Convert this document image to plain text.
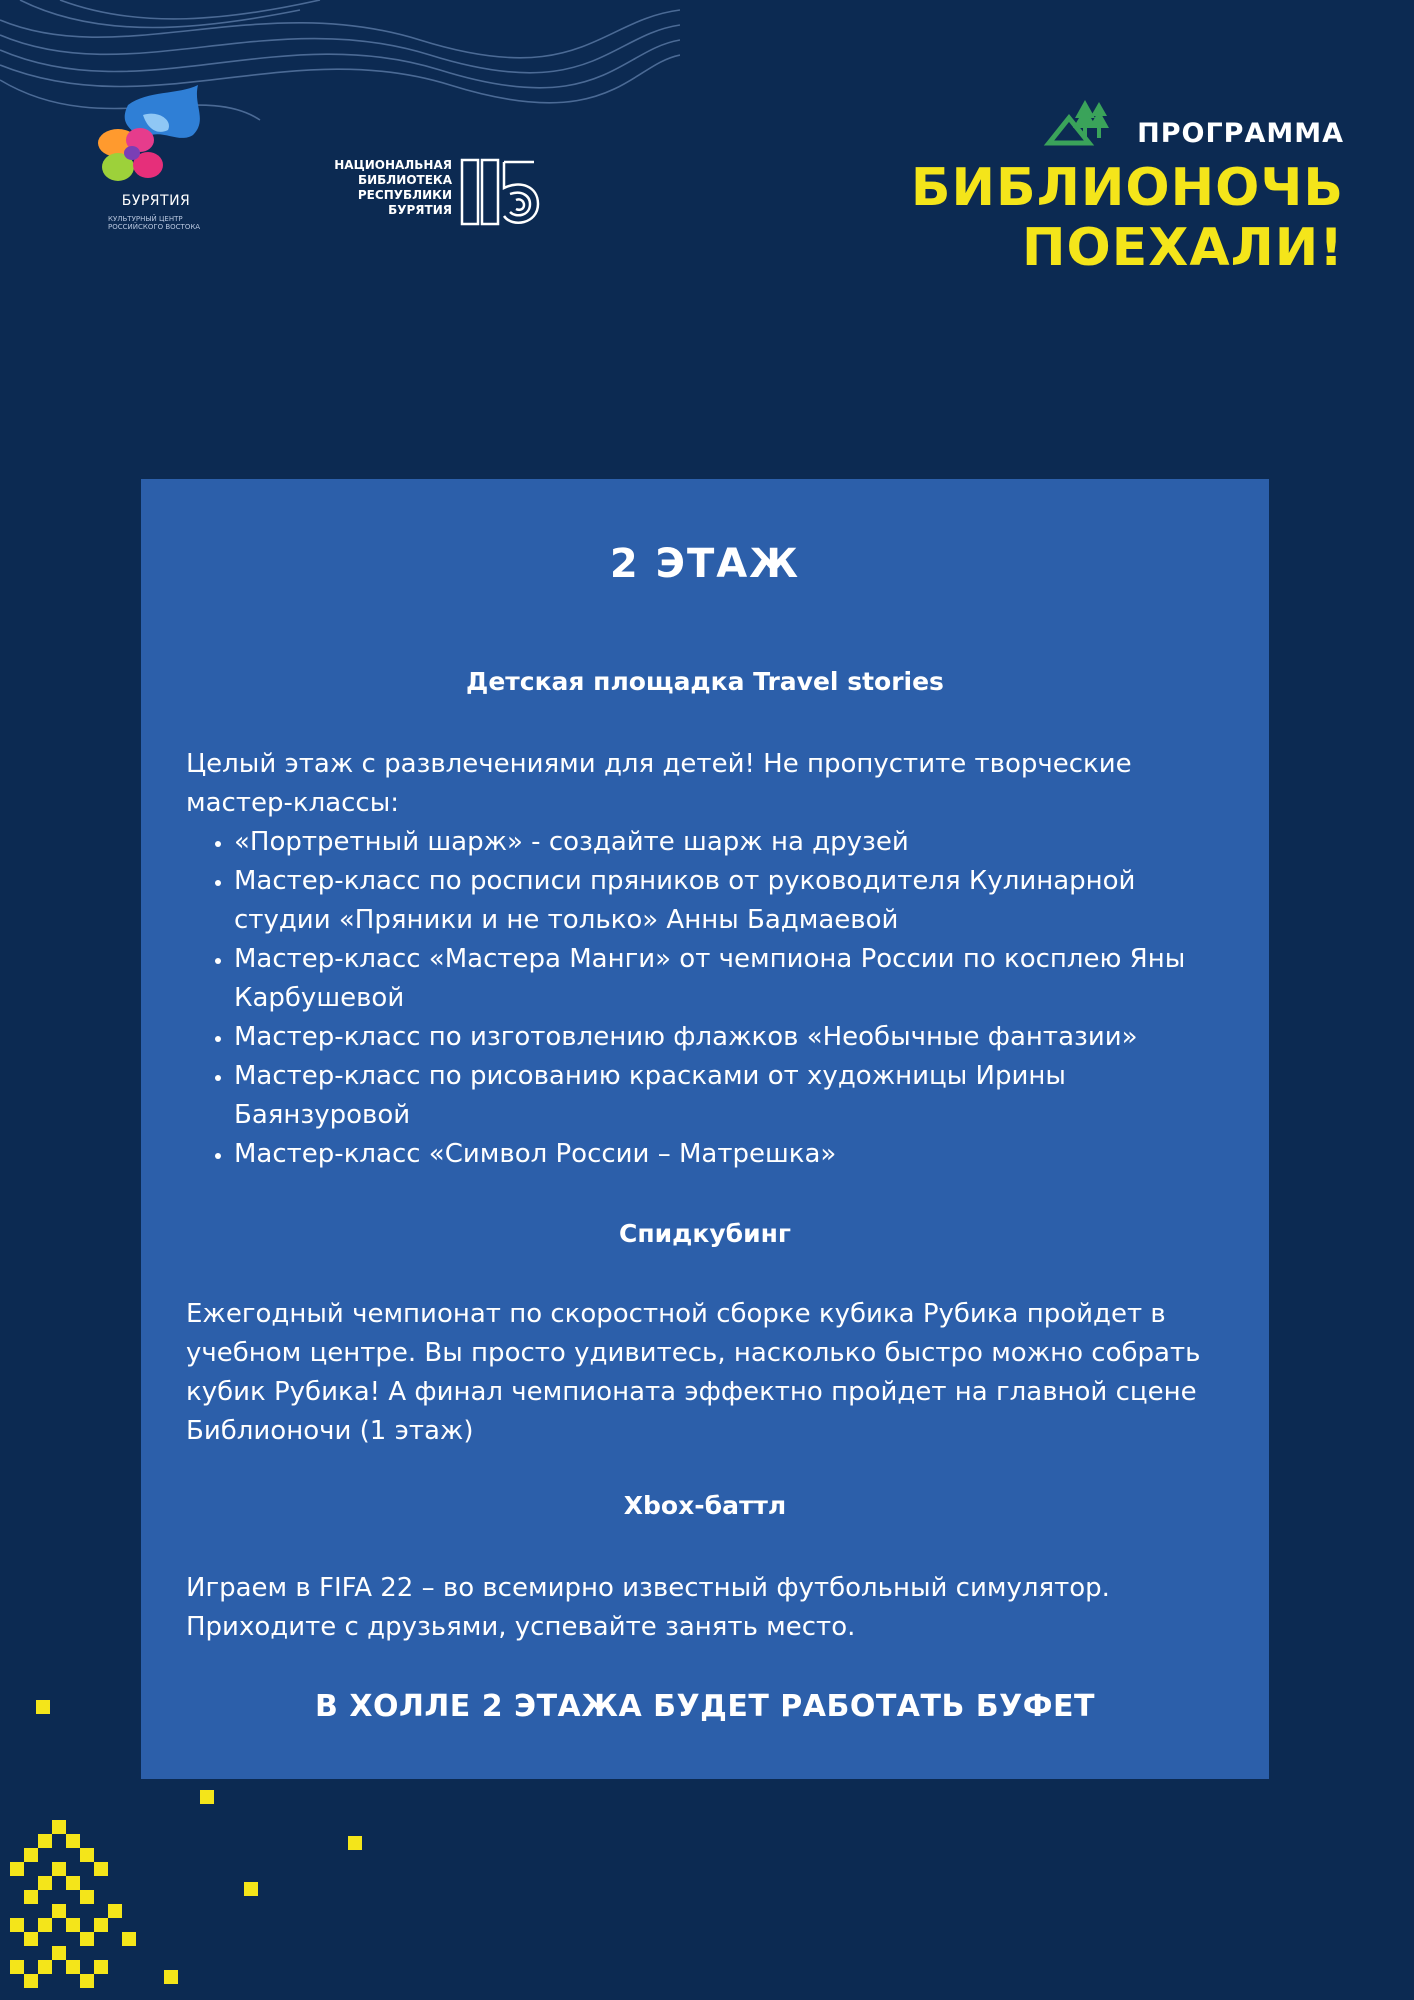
БУРЯТИЯ
КУЛЬТУРНЫЙ ЦЕНТР РОССИЙСКОГО ВОСТОКА
НАЦИОНАЛЬНАЯ
БИБЛИОТЕКА
РЕСПУБЛИКИ
БУРЯТИЯ
ПРОГРАММА
БИБЛИОНОЧЬ
ПОЕХАЛИ!
2 ЭТАЖ
Детская площадка Travel stories
Целый этаж с развлечениями для детей! Не пропустите творческие мастер-классы:
• «Портретный шарж» - создайте шарж на друзей
• Мастер-класс по росписи пряников от руководителя Кулинарной студии «Пряники и не только» Анны Бадмаевой
• Мастер-класс «Мастера Манги» от чемпиона России по косплею Яны Карбушевой
• Мастер-класс по изготовлению флажков «Необычные фантазии»
• Мастер-класс по рисованию красками от художницы Ирины Баянзуровой
• Мастер-класс «Символ России – Матрешка»
Спидкубинг
Ежегодный чемпионат по скоростной сборке кубика Рубика пройдет в учебном центре. Вы просто удивитесь, насколько быстро можно собрать кубик Рубика! А финал чемпионата эффектно пройдет на главной сцене Библионочи (1 этаж)
Xbox-баттл
Играем в FIFA 22 – во всемирно известный футбольный симулятор. Приходите с друзьями, успевайте занять место.
В ХОЛЛЕ 2 ЭТАЖА БУДЕТ РАБОТАТЬ БУФЕТ
